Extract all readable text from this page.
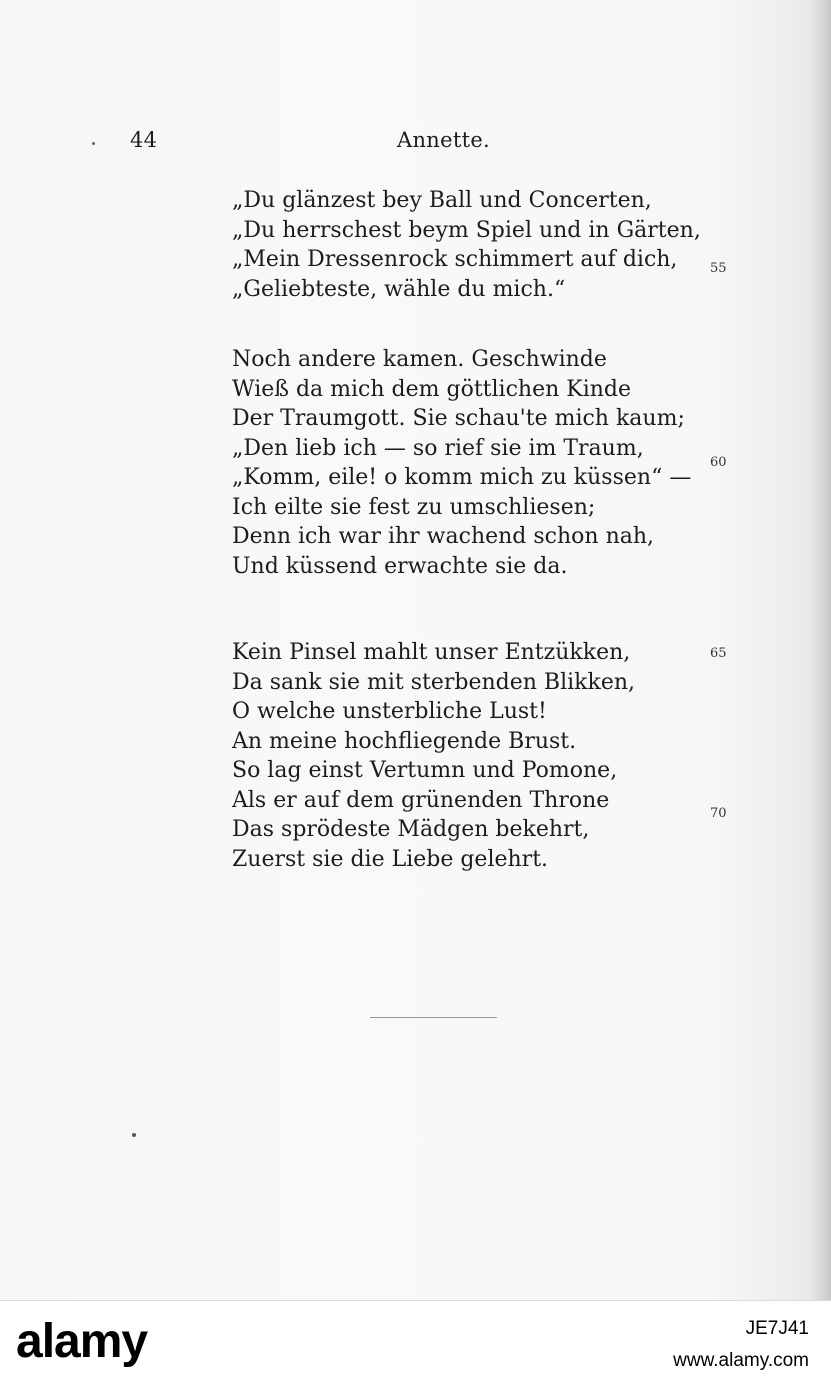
44	Annette.
„Du glänzest bey Ball und Concerten,
„Du herrschest beym Spiel und in Gärten,
„Mein Dressenrock schimmert auf dich,
„Geliebteste, wähle du mich.“
Noch andere kamen. Geschwinde
Wieß da mich dem göttlichen Kinde
Der Traumgott. Sie schau'te mich kaum;
„Den lieb ich — so rief sie im Traum,
„Komm, eile! o komm mich zu küssen“ —
Ich eilte sie fest zu umschliesen;
Denn ich war ihr wachend schon nah,
Und küssend erwachte sie da.
Kein Pinsel mahlt unser Entzükken,
Da sank sie mit sterbenden Blikken,
O welche unsterbliche Lust!
An meine hochfliegende Brust.
So lag einst Vertumn und Pomone,
Als er auf dem grünenden Throne
Das sprödeste Mädgen bekehrt,
Zuerst sie die Liebe gelehrt.
55
60
65
70
alamy	JE7J41
www.alamy.com
